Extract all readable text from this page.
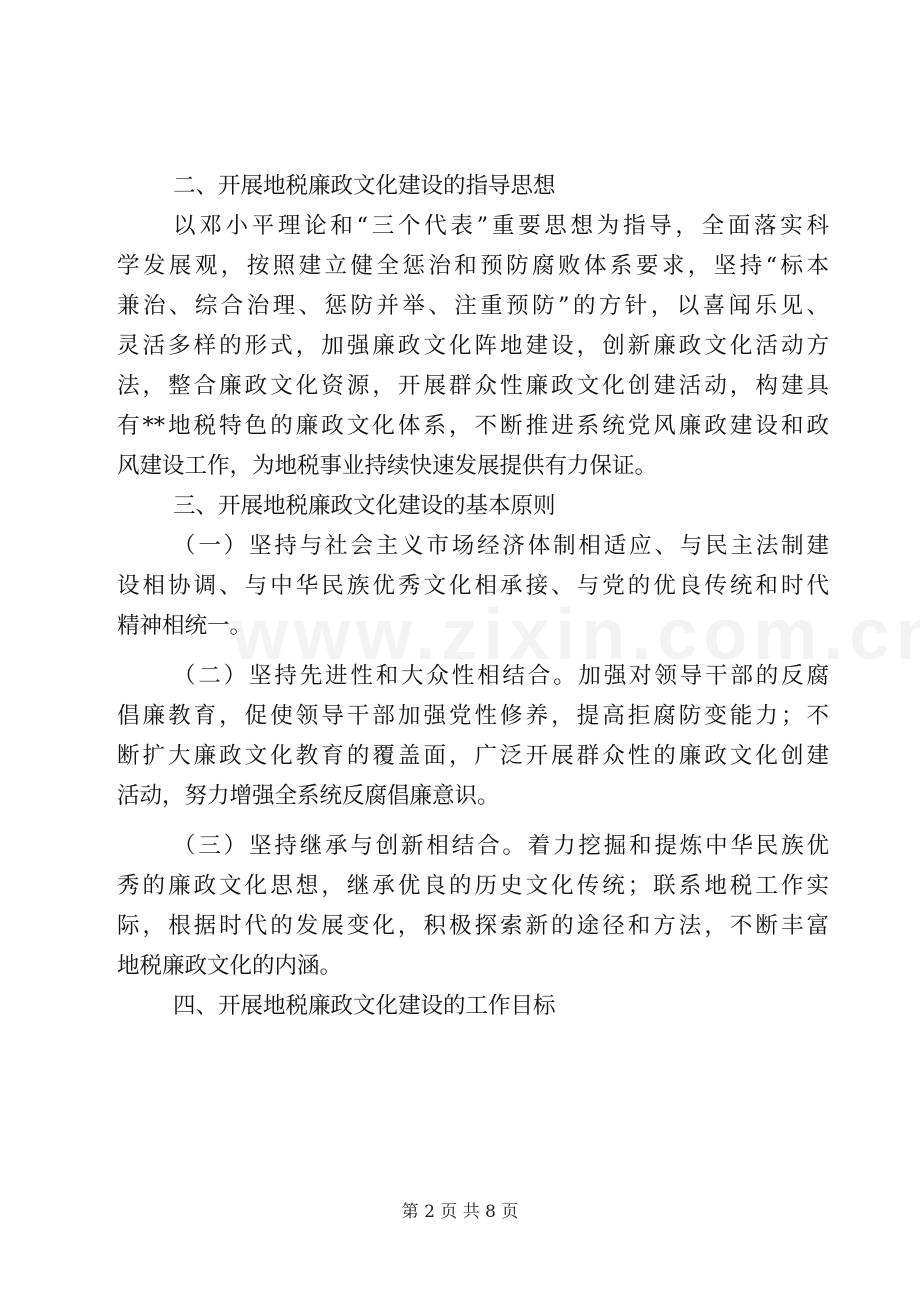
二、开展地税廉政文化建设的指导思想
以邓小平理论和“三个代表”重要思想为指导，全面落实科
学发展观，按照建立健全惩治和预防腐败体系要求，坚持“标本
兼治、综合治理、惩防并举、注重预防”的方针，以喜闻乐见、
灵活多样的形式，加强廉政文化阵地建设，创新廉政文化活动方
法，整合廉政文化资源，开展群众性廉政文化创建活动，构建具
有**地税特色的廉政文化体系，不断推进系统党风廉政建设和政
风建设工作，为地税事业持续快速发展提供有力保证。
三、开展地税廉政文化建设的基本原则
（一）坚持与社会主义市场经济体制相适应、与民主法制建
设相协调、与中华民族优秀文化相承接、与党的优良传统和时代
精神相统一。
（二）坚持先进性和大众性相结合。加强对领导干部的反腐
倡廉教育，促使领导干部加强党性修养，提高拒腐防变能力；不
断扩大廉政文化教育的覆盖面，广泛开展群众性的廉政文化创建
活动，努力增强全系统反腐倡廉意识。
（三）坚持继承与创新相结合。着力挖掘和提炼中华民族优
秀的廉政文化思想，继承优良的历史文化传统；联系地税工作实
际，根据时代的发展变化，积极探索新的途径和方法，不断丰富
地税廉政文化的内涵。
四、开展地税廉政文化建设的工作目标
第 2 页 共 8 页
